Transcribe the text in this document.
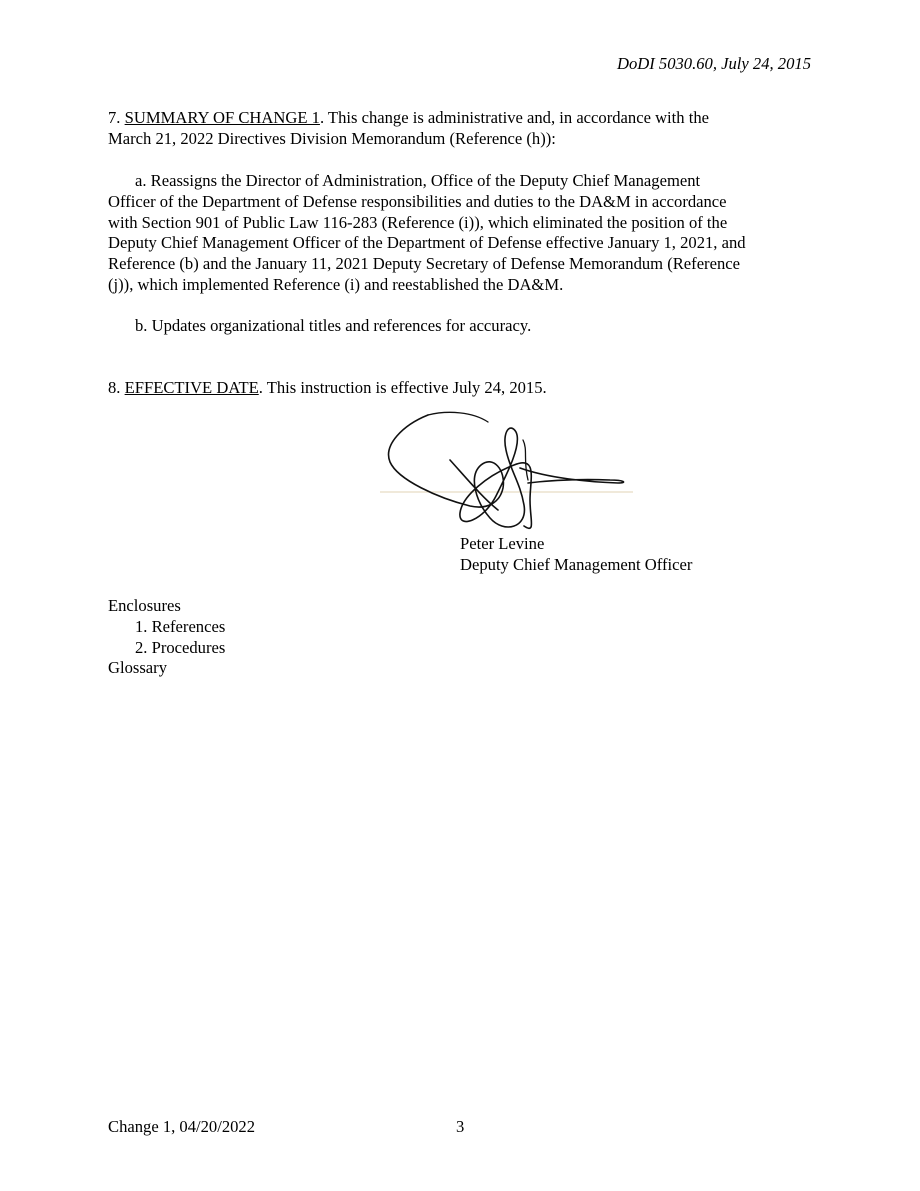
DoDI 5030.60, July 24, 2015
7. SUMMARY OF CHANGE 1. This change is administrative and, in accordance with the
March 21, 2022 Directives Division Memorandum (Reference (h)):
a. Reassigns the Director of Administration, Office of the Deputy Chief Management
Officer of the Department of Defense responsibilities and duties to the DA&M in accordance
with Section 901 of Public Law 116-283 (Reference (i)), which eliminated the position of the
Deputy Chief Management Officer of the Department of Defense effective January 1, 2021, and
Reference (b) and the January 11, 2021 Deputy Secretary of Defense Memorandum (Reference
(j)), which implemented Reference (i) and reestablished the DA&M.
b. Updates organizational titles and references for accuracy.
8. EFFECTIVE DATE. This instruction is effective July 24, 2015.
Peter Levine
Deputy Chief Management Officer
Enclosures
1. References
2. Procedures
Glossary
Change 1, 04/20/2022	3
